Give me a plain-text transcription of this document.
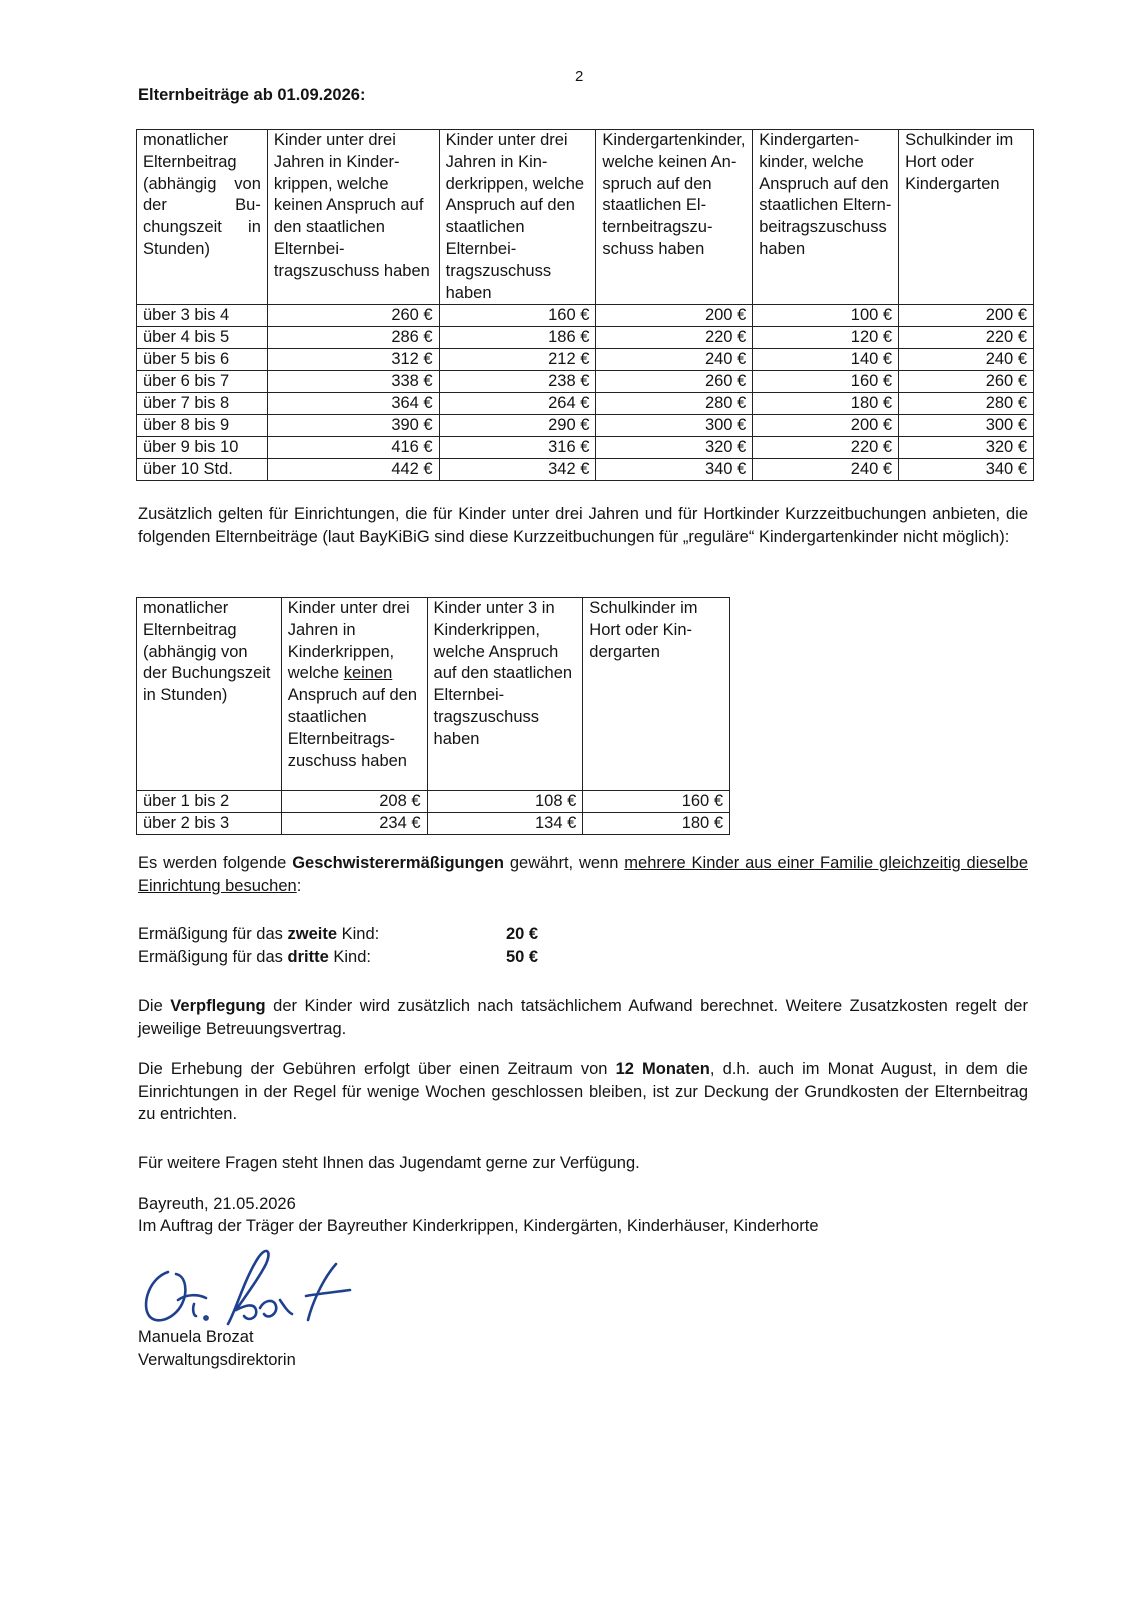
2
Elternbeiträge ab 01.09.2026:
monatlicher Elternbeitrag (abhängig von der Buchungszeit in Stunden)	Kinder unter drei Jahren in Kinderkrippen, welche keinen Anspruch auf den staatlichen Elternbeitragszuschuss haben	Kinder unter drei Jahren in Kinderkrippen, welche Anspruch auf den staatlichen Elternbeitragszuschuss haben	Kindergartenkinder, welche keinen Anspruch auf den staatlichen Elternbeitragszuschuss haben	Kindergartenkinder, welche Anspruch auf den staatlichen Elternbeitragszuschuss haben	Schulkinder im Hort oder Kindergarten
über 3 bis 4	260 €	160 €	200 €	100 €	200 €
über 4 bis 5	286 €	186 €	220 €	120 €	220 €
über 5 bis 6	312 €	212 €	240 €	140 €	240 €
über 6 bis 7	338 €	238 €	260 €	160 €	260 €
über 7 bis 8	364 €	264 €	280 €	180 €	280 €
über 8 bis 9	390 €	290 €	300 €	200 €	300 €
über 9 bis 10	416 €	316 €	320 €	220 €	320 €
über 10 Std.	442 €	342 €	340 €	240 €	340 €
Zusätzlich gelten für Einrichtungen, die für Kinder unter drei Jahren und für Hortkinder Kurzzeitbuchungen anbieten, die folgenden Elternbeiträge (laut BayKiBiG sind diese Kurzzeitbuchungen für „reguläre“ Kindergartenkinder nicht möglich):
monatlicher Elternbeitrag (abhängig von der Buchungszeit in Stunden)	Kinder unter drei Jahren in Kinderkrippen, welche keinen Anspruch auf den staatlichen Elternbeitragszuschuss haben	Kinder unter 3 in Kinderkrippen, welche Anspruch auf den staatlichen Elternbeitragszuschuss haben	Schulkinder im Hort oder Kindergarten
über 1 bis 2	208 €	108 €	160 €
über 2 bis 3	234 €	134 €	180 €
Es werden folgende Geschwisterermäßigungen gewährt, wenn mehrere Kinder aus einer Familie gleichzeitig dieselbe Einrichtung besuchen:
Ermäßigung für das zweite Kind:	20 €
Ermäßigung für das dritte Kind:	50 €
Die Verpflegung der Kinder wird zusätzlich nach tatsächlichem Aufwand berechnet. Weitere Zusatzkosten regelt der jeweilige Betreuungsvertrag.
Die Erhebung der Gebühren erfolgt über einen Zeitraum von 12 Monaten, d.h. auch im Monat August, in dem die Einrichtungen in der Regel für wenige Wochen geschlossen bleiben, ist zur Deckung der Grundkosten der Elternbeitrag zu entrichten.
Für weitere Fragen steht Ihnen das Jugendamt gerne zur Verfügung.
Bayreuth, 21.05.2026
Im Auftrag der Träger der Bayreuther Kinderkrippen, Kindergärten, Kinderhäuser, Kinderhorte
Manuela Brozat
Verwaltungsdirektorin
